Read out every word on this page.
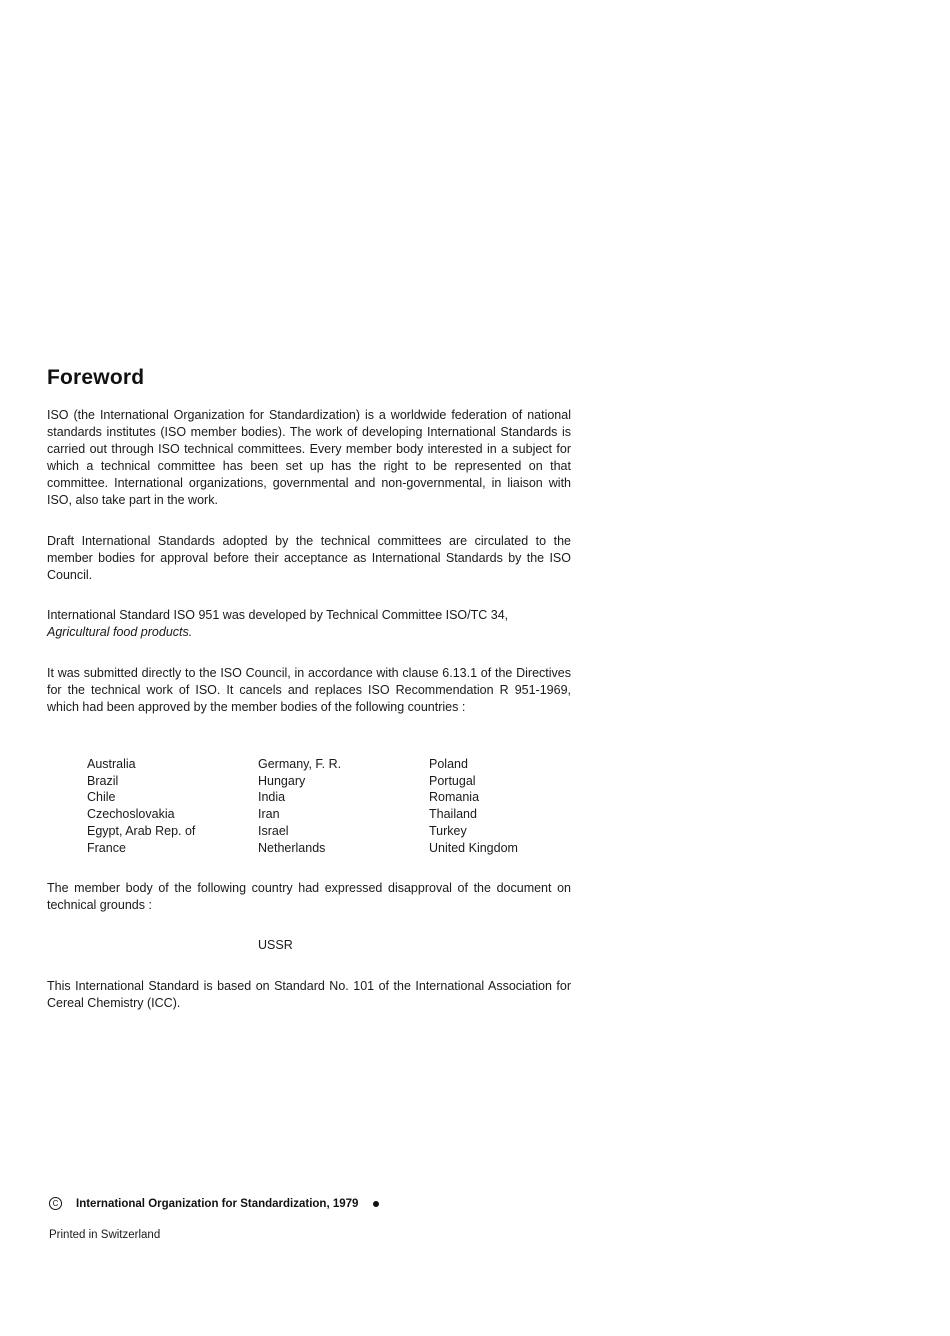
Foreword

ISO (the International Organization for Standardization) is a worldwide federation of national standards institutes (ISO member bodies). The work of developing International Standards is carried out through ISO technical committees. Every member body interested in a subject for which a technical committee has been set up has the right to be represented on that committee. International organizations, governmental and non-governmental, in liaison with ISO, also take part in the work.

Draft International Standards adopted by the technical committees are circulated to the member bodies for approval before their acceptance as International Standards by the ISO Council.

International Standard ISO 951 was developed by Technical Committee ISO/TC 34,
Agricultural food products.

It was submitted directly to the ISO Council, in accordance with clause 6.13.1 of the Directives for the technical work of ISO. It cancels and replaces ISO Recommendation R 951-1969, which had been approved by the member bodies of the following countries :

Australia
Brazil
Chile
Czechoslovakia
Egypt, Arab Rep. of
France
Germany, F. R.
Hungary
India
Iran
Israel
Netherlands
Poland
Portugal
Romania
Thailand
Turkey
United Kingdom

The member body of the following country had expressed disapproval of the document on technical grounds :

USSR

This International Standard is based on Standard No. 101 of the International Association for Cereal Chemistry (ICC).

C	International Organization for Standardization, 1979

Printed in Switzerland
